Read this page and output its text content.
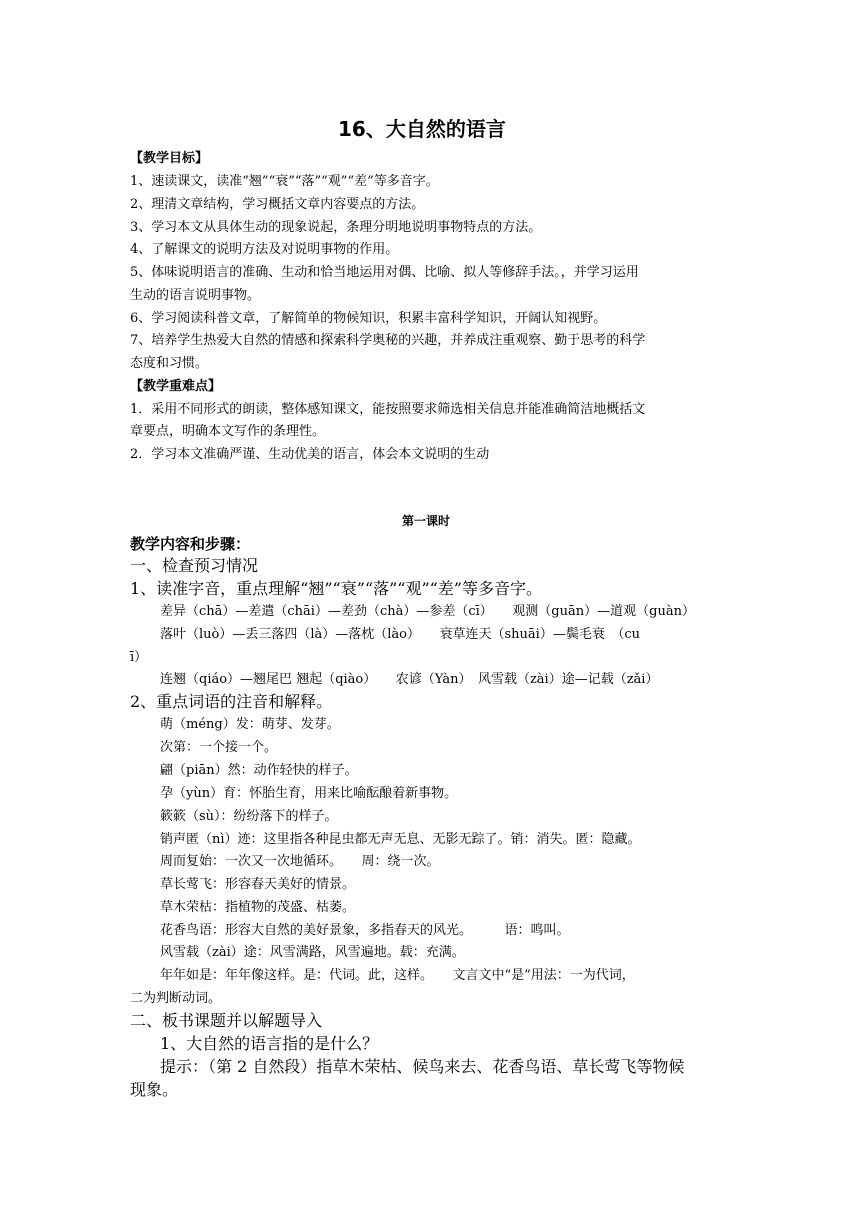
16、大自然的语言
【教学目标】
1、速读课文，读准“翘”“衰”“落”“观”“差”等多音字。
2、理清文章结构，学习概括文章内容要点的方法。
3、学习本文从具体生动的现象说起，条理分明地说明事物特点的方法。
4、了解课文的说明方法及对说明事物的作用。
5、体味说明语言的准确、生动和恰当地运用对偶、比喻、拟人等修辞手法。，并学习运用
生动的语言说明事物。
6、学习阅读科普文章，了解简单的物候知识，积累丰富科学知识，开阔认知视野。
7、培养学生热爱大自然的情感和探索科学奥秘的兴趣，并养成注重观察、勤于思考的科学
态度和习惯。
【教学重难点】
1．采用不同形式的朗读，整体感知课文，能按照要求筛选相关信息并能准确简洁地概括文
章要点，明确本文写作的条理性。
2．学习本文准确严谨、生动优美的语言，体会本文说明的生动
第一课时
教学内容和步骤：
一、检查预习情况
1、读准字音，重点理解“翘”“衰”“落”“观”“差”等多音字。
差异（chā）—差遣（chāi）—差劲（chà）—参差（cī）　　观测（guān）—道观（guàn）
落叶（luò）—丢三落四（là）—落枕（lào）　　衰草连天（shuāi）—鬓毛衰　（cu
ī）
连翘（qiáo）—翘尾巴 翘起（qiào）　　农谚（Yàn）　风雪载（zài）途—记载（zǎi）
2、重点词语的注音和解释。
萌（méng）发：萌芽、发芽。
次第：一个接一个。
翩（piān）然：动作轻快的样子。
孕（yùn）育：怀胎生育，用来比喻酝酿着新事物。
簌簌（sù）：纷纷落下的样子。
销声匿（nì）迹：这里指各种昆虫都无声无息、无影无踪了。销：消失。匿：隐藏。
周而复始：一次又一次地循环。　　周：绕一次。
草长莺飞：形容春天美好的情景。
草木荣枯：指植物的茂盛、枯萎。
花香鸟语：形容大自然的美好景象，多指春天的风光。　　　语：鸣叫。
风雪载（zài）途：风雪满路，风雪遍地。载：充满。
年年如是：年年像这样。是：代词。此，这样。　　文言文中“是”用法：一为代词，
二为判断动词。
二、板书课题并以解题导入
1、大自然的语言指的是什么？
提示：（第 2 自然段）指草木荣枯、候鸟来去、花香鸟语、草长莺飞等物候
现象。
